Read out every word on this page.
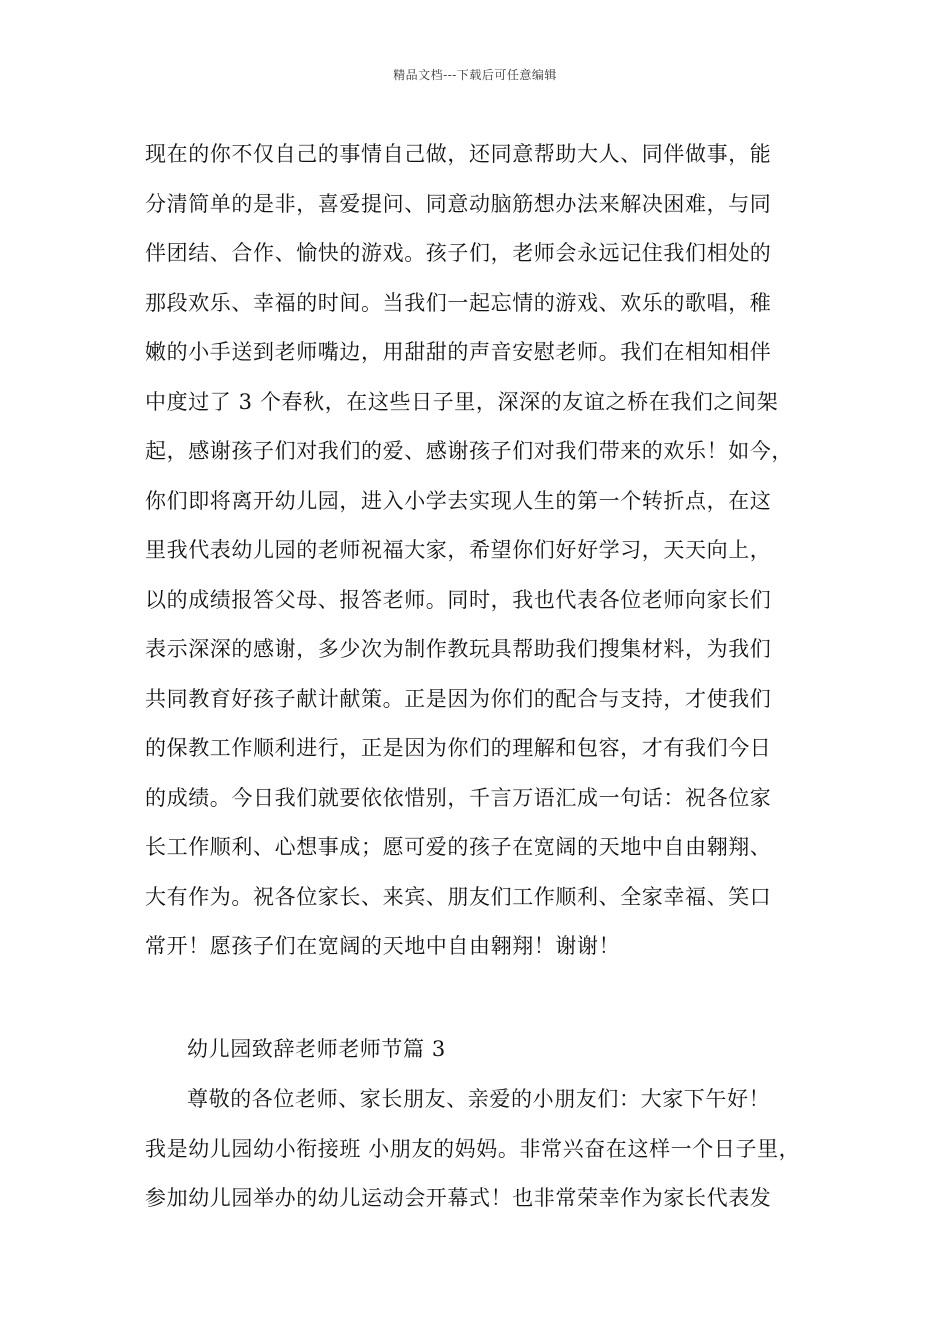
精品文档---下载后可任意编辑
现在的你不仅自己的事情自己做，还同意帮助大人、同伴做事，能
分清简单的是非，喜爱提问、同意动脑筋想办法来解决困难，与同
伴团结、合作、愉快的游戏。孩子们，老师会永远记住我们相处的
那段欢乐、幸福的时间。当我们一起忘情的游戏、欢乐的歌唱，稚
嫩的小手送到老师嘴边，用甜甜的声音安慰老师。我们在相知相伴
中度过了 3 个春秋，在这些日子里，深深的友谊之桥在我们之间架
起，感谢孩子们对我们的爱、感谢孩子们对我们带来的欢乐！如今，
你们即将离开幼儿园，进入小学去实现人生的第一个转折点，在这
里我代表幼儿园的老师祝福大家，希望你们好好学习，天天向上，
以的成绩报答父母、报答老师。同时，我也代表各位老师向家长们
表示深深的感谢，多少次为制作教玩具帮助我们搜集材料，为我们
共同教育好孩子献计献策。正是因为你们的配合与支持，才使我们
的保教工作顺利进行，正是因为你们的理解和包容，才有我们今日
的成绩。今日我们就要依依惜别，千言万语汇成一句话：祝各位家
长工作顺利、心想事成；愿可爱的孩子在宽阔的天地中自由翱翔、
大有作为。祝各位家长、来宾、朋友们工作顺利、全家幸福、笑口
常开！愿孩子们在宽阔的天地中自由翱翔！谢谢！
幼儿园致辞老师老师节篇 3
尊敬的各位老师、家长朋友、亲爱的小朋友们：大家下午好！
我是幼儿园幼小衔接班 小朋友的妈妈。非常兴奋在这样一个日子里，
参加幼儿园举办的幼儿运动会开幕式！也非常荣幸作为家长代表发
